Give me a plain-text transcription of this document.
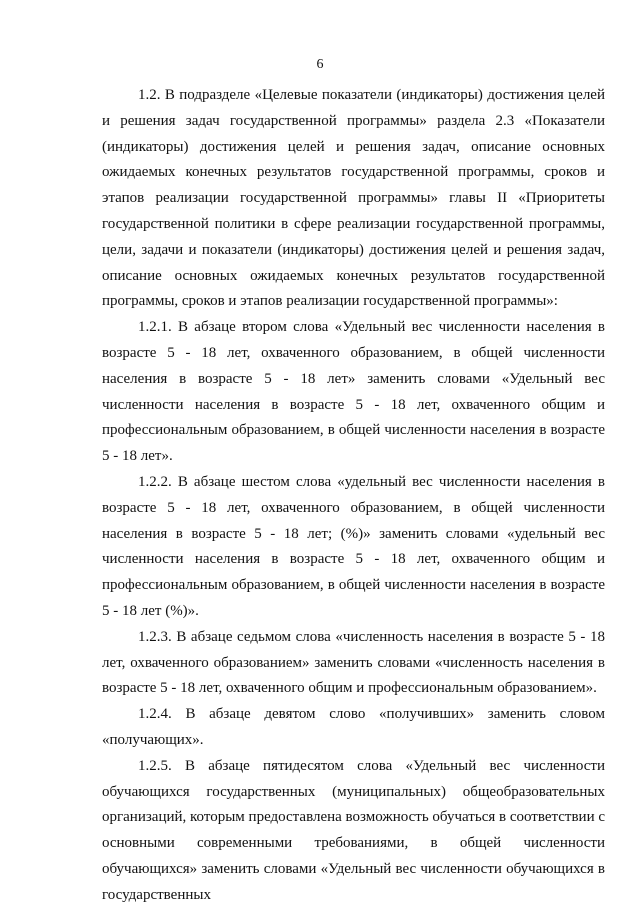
6

1.2. В подразделе «Целевые показатели (индикаторы) достижения целей и решения задач государственной программы» раздела 2.3 «Показатели (индикаторы) достижения целей и решения задач, описание основных ожидаемых конечных результатов государственной программы, сроков и этапов реализации государственной программы» главы II «Приоритеты государственной политики в сфере реализации государственной программы, цели, задачи и показатели (индикаторы) достижения целей и решения задач, описание основных ожидаемых конечных результатов государственной программы, сроков и этапов реализации государственной программы»:

1.2.1. В абзаце втором слова «Удельный вес численности населения в возрасте 5 - 18 лет, охваченного образованием, в общей численности населения в возрасте 5 - 18 лет» заменить словами «Удельный вес численности населения в возрасте 5 - 18 лет, охваченного общим и профессиональным образованием, в общей численности населения в возрасте 5 - 18 лет».

1.2.2. В абзаце шестом слова «удельный вес численности населения в возрасте 5 - 18 лет, охваченного образованием, в общей численности населения в возрасте 5 - 18 лет; (%)» заменить словами «удельный вес численности населения в возрасте 5 - 18 лет, охваченного общим и профессиональным образованием, в общей численности населения в возрасте 5 - 18 лет (%)».

1.2.3. В абзаце седьмом слова «численность населения в возрасте 5 - 18 лет, охваченного образованием» заменить словами «численность населения в возрасте 5 - 18 лет, охваченного общим и профессиональным образованием».

1.2.4. В абзаце девятом слово «получивших» заменить словом «получающих».

1.2.5. В абзаце пятидесятом слова «Удельный вес численности обучающихся государственных (муниципальных) общеобразовательных организаций, которым предоставлена возможность обучаться в соответствии с основными современными требованиями, в общей численности обучающихся» заменить словами «Удельный вес численности обучающихся в государственных
